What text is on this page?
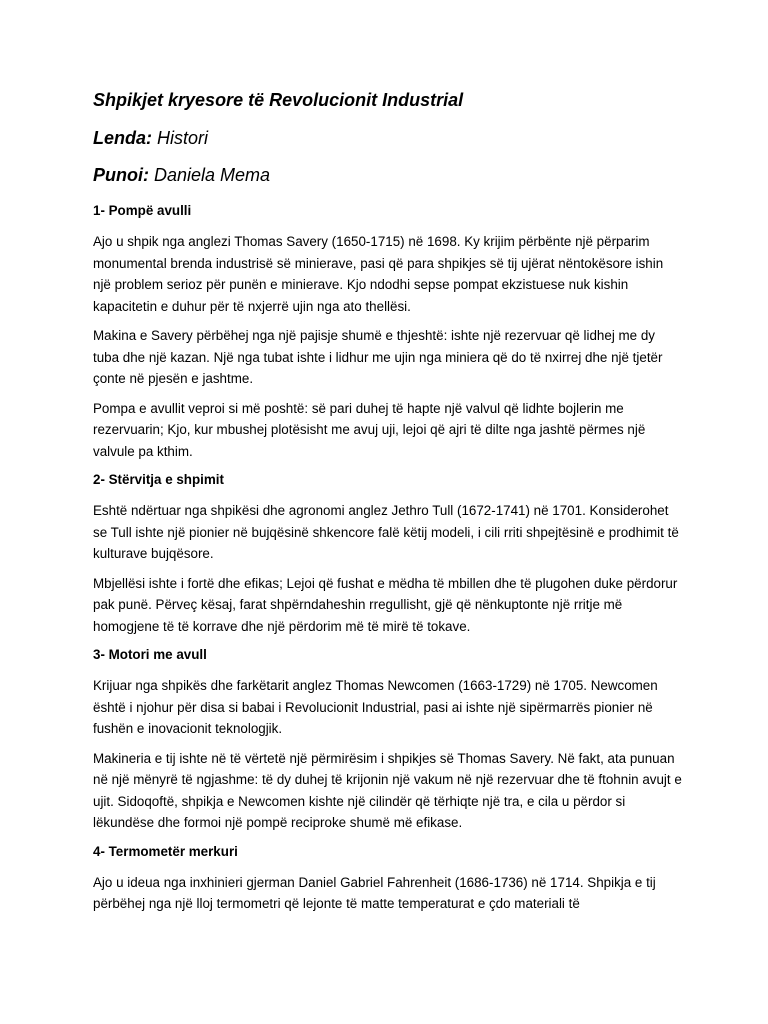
Shpikjet kryesore të Revolucionit Industrial
Lenda: Histori
Punoi: Daniela Mema
1- Pompë avulli

Ajo u shpik nga anglezi Thomas Savery (1650-1715) në 1698. Ky krijim përbënte një përparim monumental brenda industrisë së minierave, pasi që para shpikjes së tij ujërat nëntokësore ishin një problem serioz për punën e minierave. Kjo ndodhi sepse pompat ekzistuese nuk kishin kapacitetin e duhur për të nxjerrë ujin nga ato thellësi.

Makina e Savery përbëhej nga një pajisje shumë e thjeshtë: ishte një rezervuar që lidhej me dy tuba dhe një kazan. Një nga tubat ishte i lidhur me ujin nga miniera që do të nxirrej dhe një tjetër çonte në pjesën e jashtme.

Pompa e avullit veproi si më poshtë: së pari duhej të hapte një valvul që lidhte bojlerin me rezervuarin; Kjo, kur mbushej plotësisht me avuj uji, lejoi që ajri të dilte nga jashtë përmes një valvule pa kthim.

2- Stërvitja e shpimit

Eshtë ndërtuar nga shpikësi dhe agronomi anglez Jethro Tull (1672-1741) në 1701. Konsiderohet se Tull ishte një pionier në bujqësinë shkencore falë këtij modeli, i cili rriti shpejtësinë e prodhimit të kulturave bujqësore.

Mbjellësi ishte i fortë dhe efikas; Lejoi që fushat e mëdha të mbillen dhe të plugohen duke përdorur pak punë. Përveç kësaj, farat shpërndaheshin rregullisht, gjë që nënkuptonte një rritje më homogjene të të korrave dhe një përdorim më të mirë të tokave.

3- Motori me avull

Krijuar nga shpikës dhe farkëtarit anglez Thomas Newcomen (1663-1729) në 1705. Newcomen është i njohur për disa si babai i Revolucionit Industrial, pasi ai ishte një sipërmarrës pionier në fushën e inovacionit teknologjik.

Makineria e tij ishte në të vërtetë një përmirësim i shpikjes së Thomas Savery. Në fakt, ata punuan në një mënyrë të ngjashme: të dy duhej të krijonin një vakum në një rezervuar dhe të ftohnin avujt e ujit. Sidoqoftë, shpikja e Newcomen kishte një cilindër që tërhiqte një tra, e cila u përdor si lëkundëse dhe formoi një pompë reciproke shumë më efikase.

4- Termometër merkuri

Ajo u ideua nga inxhinieri gjerman Daniel Gabriel Fahrenheit (1686-1736) në 1714. Shpikja e tij përbëhej nga një lloj termometri që lejonte të matte temperaturat e çdo materiali të
